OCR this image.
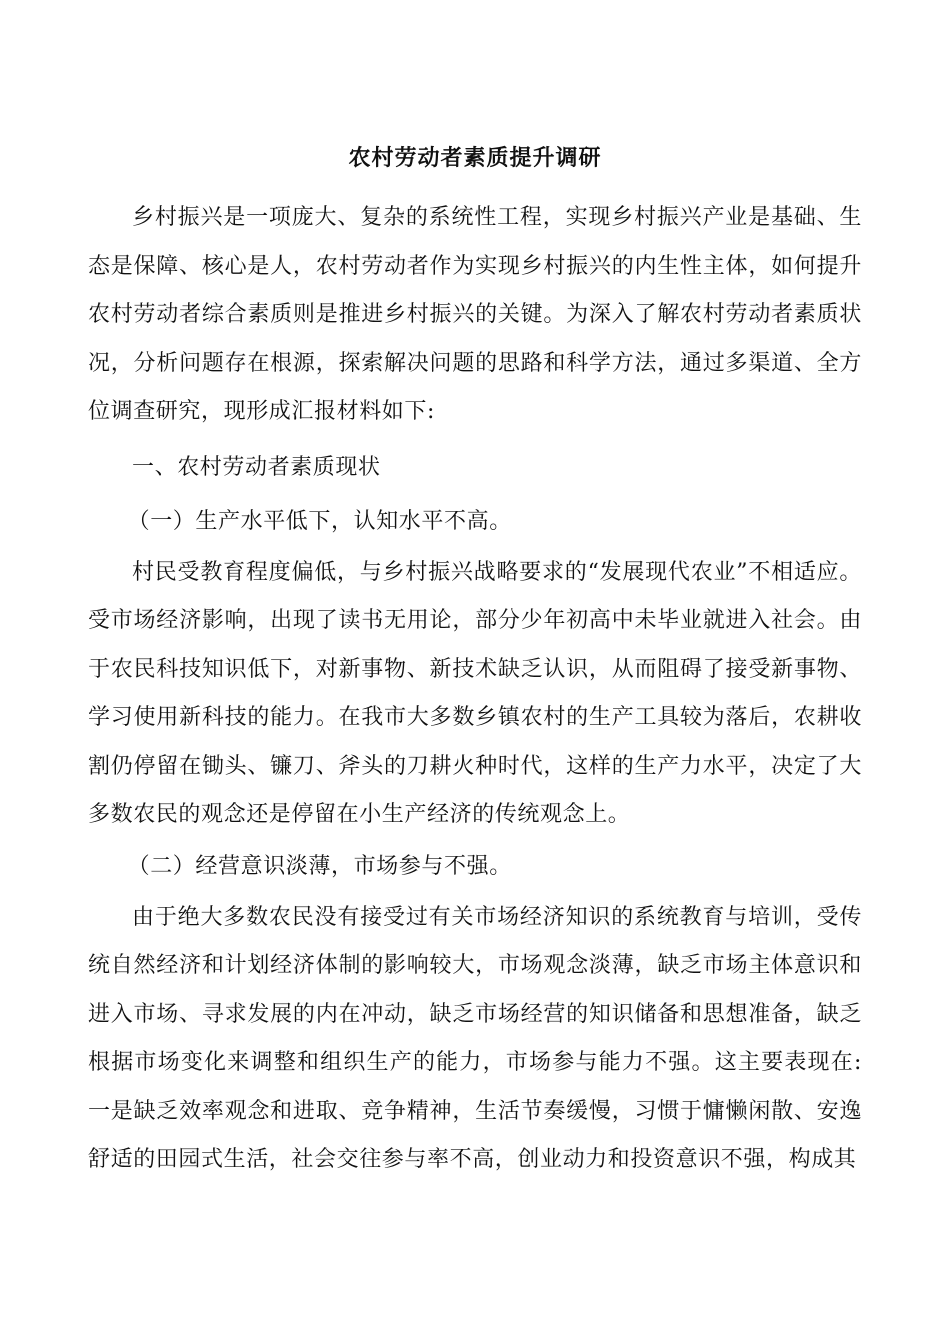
农村劳动者素质提升调研

乡村振兴是一项庞大、复杂的系统性工程，实现乡村振兴产业是基础、生态是保障、核心是人，农村劳动者作为实现乡村振兴的内生性主体，如何提升农村劳动者综合素质则是推进乡村振兴的关键。为深入了解农村劳动者素质状况，分析问题存在根源，探索解决问题的思路和科学方法，通过多渠道、全方位调查研究，现形成汇报材料如下:

一、农村劳动者素质现状

（一）生产水平低下，认知水平不高。

村民受教育程度偏低，与乡村振兴战略要求的“发展现代农业”不相适应。受市场经济影响，出现了读书无用论，部分少年初高中未毕业就进入社会。由于农民科技知识低下，对新事物、新技术缺乏认识，从而阻碍了接受新事物、学习使用新科技的能力。在我市大多数乡镇农村的生产工具较为落后，农耕收割仍停留在锄头、镰刀、斧头的刀耕火种时代，这样的生产力水平，决定了大多数农民的观念还是停留在小生产经济的传统观念上。

（二）经营意识淡薄，市场参与不强。

由于绝大多数农民没有接受过有关市场经济知识的系统教育与培训，受传统自然经济和计划经济体制的影响较大，市场观念淡薄，缺乏市场主体意识和进入市场、寻求发展的内在冲动，缺乏市场经营的知识储备和思想准备，缺乏根据市场变化来调整和组织生产的能力，市场参与能力不强。这主要表现在:一是缺乏效率观念和进取、竞争精神，生活节奏缓慢，习惯于慵懒闲散、安逸舒适的田园式生活，社会交往参与率不高，创业动力和投资意识不强，构成其
